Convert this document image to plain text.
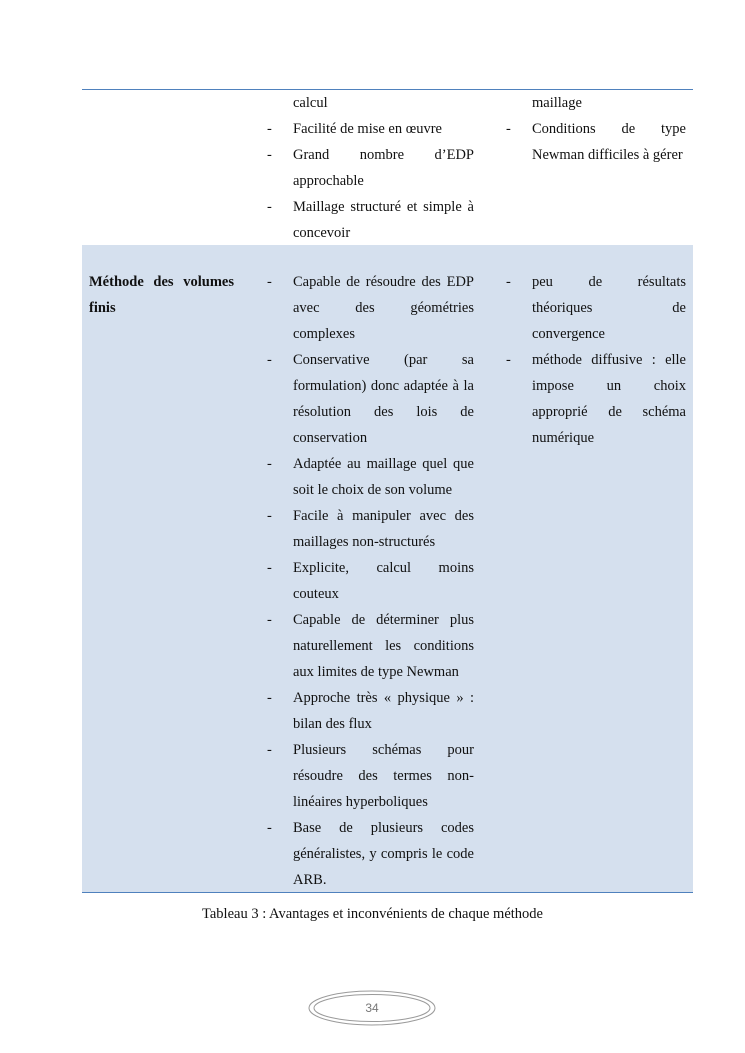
calcul
- Facilité de mise en œuvre
- Grand nombre d’EDP approchable
- Maillage structuré et simple à concevoir
maillage
- Conditions de type Newman difficiles à gérer
Méthode des volumes finis
- Capable de résoudre des EDP avec des géométries complexes
- Conservative (par sa formulation) donc adaptée à la résolution des lois de conservation
- Adaptée au maillage quel que soit le choix de son volume
- Facile à manipuler avec des maillages non-structurés
- Explicite, calcul moins couteux
- Capable de déterminer plus naturellement les conditions aux limites de type Newman
- Approche très « physique » : bilan des flux
- Plusieurs schémas pour résoudre des termes non-linéaires hyperboliques
- Base de plusieurs codes généralistes, y compris le code ARB.
- peu de résultats théoriques de convergence
- méthode diffusive : elle impose un choix approprié de schéma numérique
Tableau 3 : Avantages et inconvénients de chaque méthode
34
